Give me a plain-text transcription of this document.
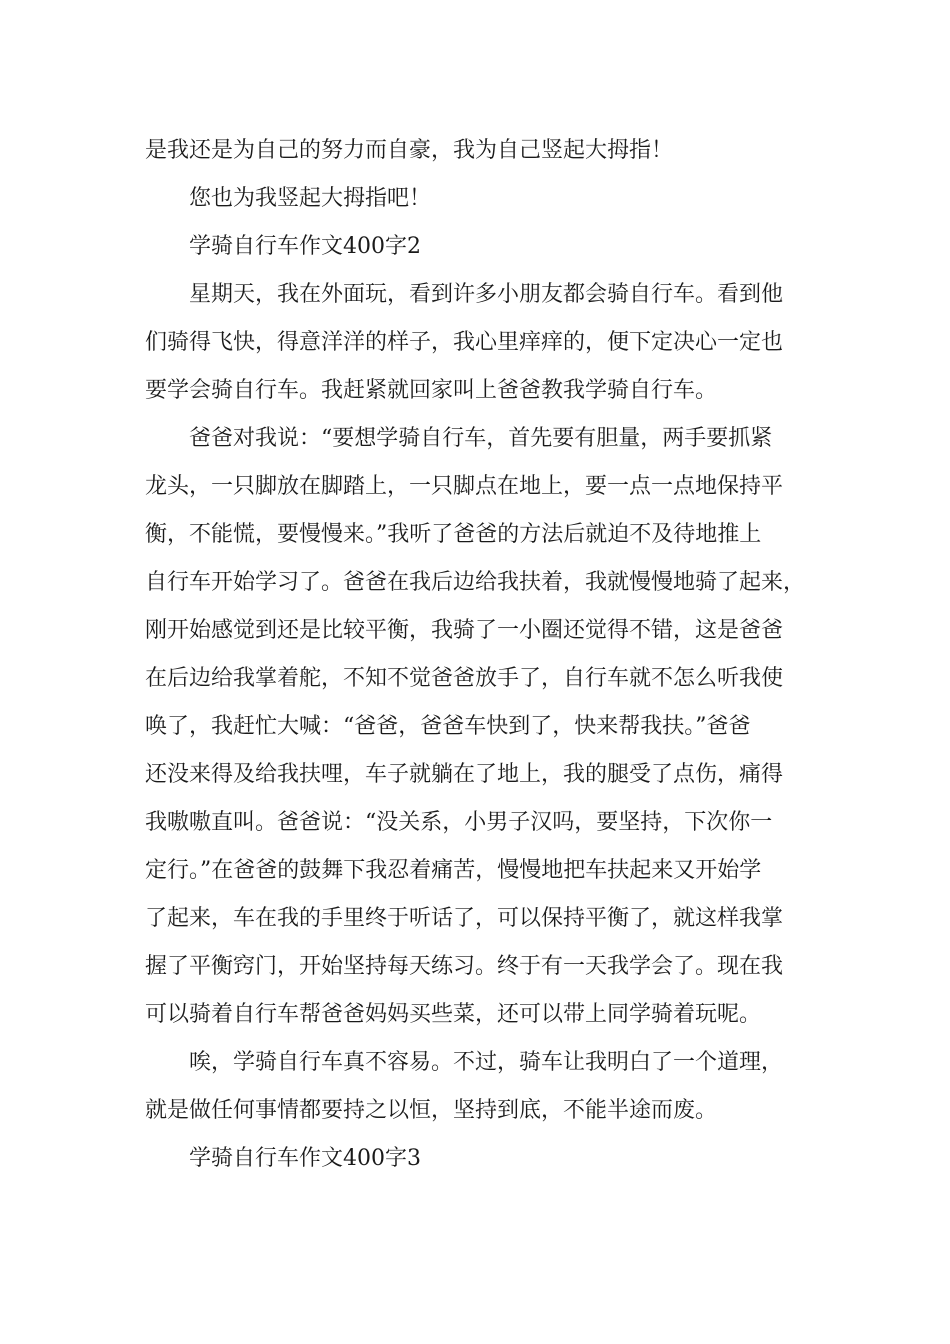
是我还是为自己的努力而自豪，我为自己竖起大拇指！
您也为我竖起大拇指吧！
学骑自行车作文400字2
星期天，我在外面玩，看到许多小朋友都会骑自行车。看到他
们骑得飞快，得意洋洋的样子，我心里痒痒的，便下定决心一定也
要学会骑自行车。我赶紧就回家叫上爸爸教我学骑自行车。
爸爸对我说：“要想学骑自行车，首先要有胆量，两手要抓紧
龙头，一只脚放在脚踏上，一只脚点在地上，要一点一点地保持平
衡，不能慌，要慢慢来。”我听了爸爸的方法后就迫不及待地推上
自行车开始学习了。爸爸在我后边给我扶着，我就慢慢地骑了起来，
刚开始感觉到还是比较平衡，我骑了一小圈还觉得不错，这是爸爸
在后边给我掌着舵，不知不觉爸爸放手了，自行车就不怎么听我使
唤了，我赶忙大喊：“爸爸，爸爸车快到了，快来帮我扶。”爸爸
还没来得及给我扶哩，车子就躺在了地上，我的腿受了点伤，痛得
我嗷嗷直叫。爸爸说：“没关系，小男子汉吗，要坚持，下次你一
定行。”在爸爸的鼓舞下我忍着痛苦，慢慢地把车扶起来又开始学
了起来，车在我的手里终于听话了，可以保持平衡了，就这样我掌
握了平衡窍门，开始坚持每天练习。终于有一天我学会了。现在我
可以骑着自行车帮爸爸妈妈买些菜，还可以带上同学骑着玩呢。
唉，学骑自行车真不容易。不过，骑车让我明白了一个道理，
就是做任何事情都要持之以恒，坚持到底，不能半途而废。
学骑自行车作文400字3
